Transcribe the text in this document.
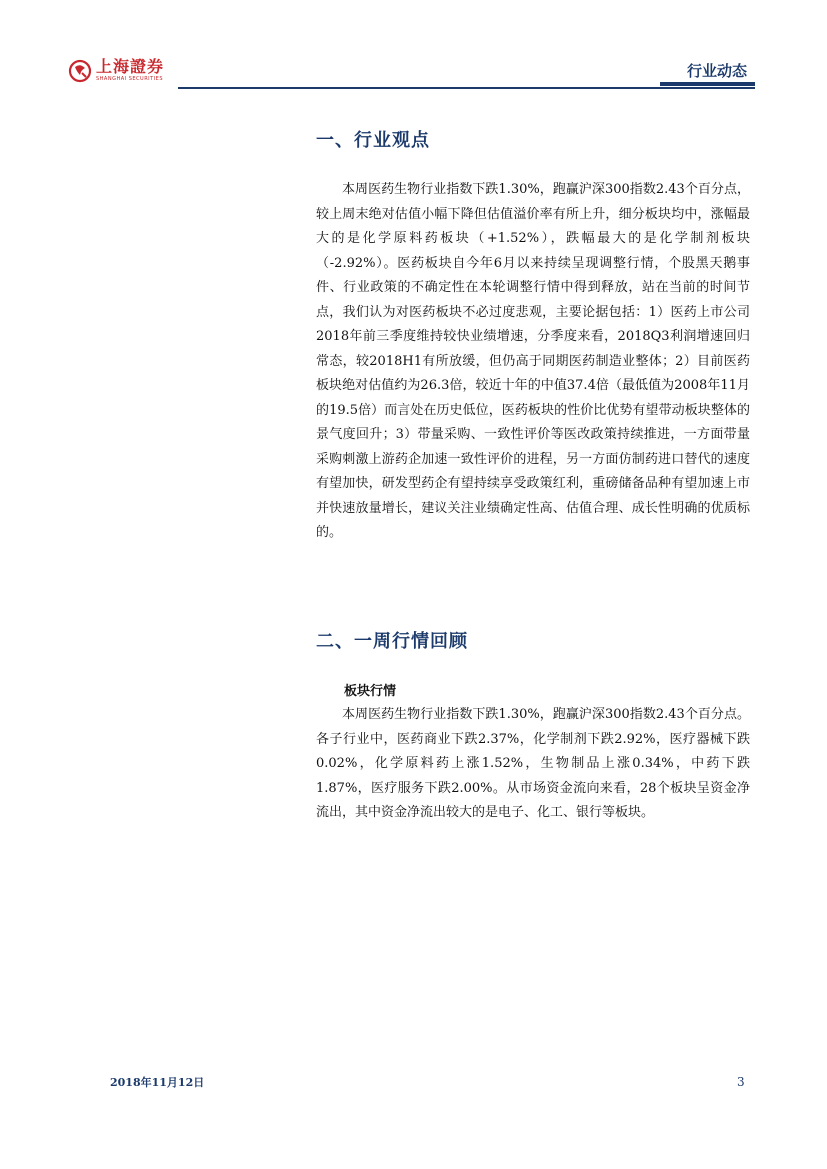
上海證券
SHANGHAI SECURITIES	行业动态
一、行业观点
本周医药生物行业指数下跌1.30%，跑赢沪深300指数2.43个百分点，较上周末绝对估值小幅下降但估值溢价率有所上升，细分板块均中，涨幅最大的是化学原料药板块（+1.52%），跌幅最大的是化学制剂板块（-2.92%）。医药板块自今年6月以来持续呈现调整行情，个股黑天鹅事件、行业政策的不确定性在本轮调整行情中得到释放，站在当前的时间节点，我们认为对医药板块不必过度悲观，主要论据包括：1）医药上市公司2018年前三季度维持较快业绩增速，分季度来看，2018Q3利润增速回归常态，较2018H1有所放缓，但仍高于同期医药制造业整体；2）目前医药板块绝对估值约为26.3倍，较近十年的中值37.4倍（最低值为2008年11月的19.5倍）而言处在历史低位，医药板块的性价比优势有望带动板块整体的景气度回升；3）带量采购、一致性评价等医改政策持续推进，一方面带量采购刺激上游药企加速一致性评价的进程，另一方面仿制药进口替代的速度有望加快，研发型药企有望持续享受政策红利，重磅储备品种有望加速上市并快速放量增长，建议关注业绩确定性高、估值合理、成长性明确的优质标的。
二、一周行情回顾
板块行情
本周医药生物行业指数下跌1.30%，跑赢沪深300指数2.43个百分点。各子行业中，医药商业下跌2.37%，化学制剂下跌2.92%，医疗器械下跌0.02%，化学原料药上涨1.52%，生物制品上涨0.34%，中药下跌1.87%，医疗服务下跌2.00%。从市场资金流向来看，28个板块呈资金净流出，其中资金净流出较大的是电子、化工、银行等板块。
2018年11月12日	3
